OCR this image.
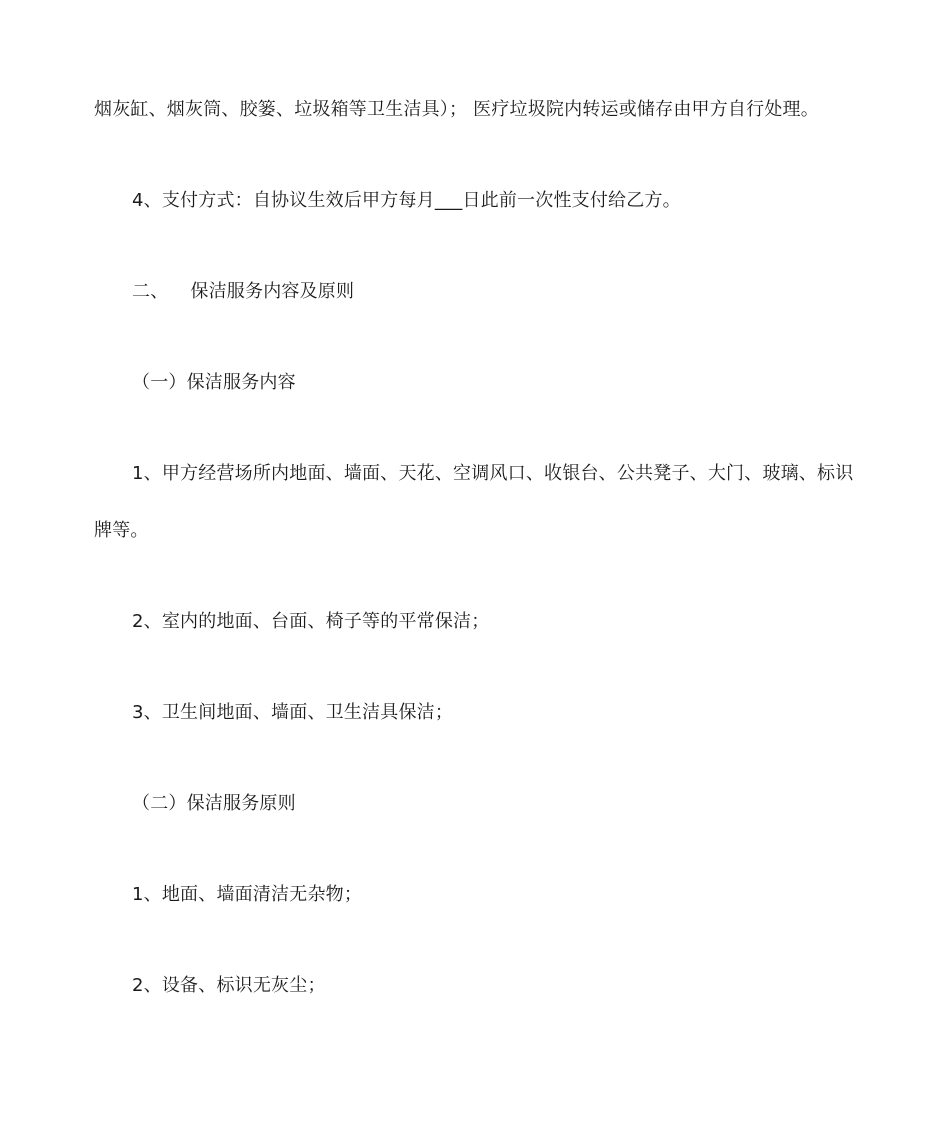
烟灰缸、烟灰筒、胶篓、垃圾箱等卫生洁具）； 医疗垃圾院内转运或储存由甲方自行处理。
4、支付方式：自协议生效后甲方每月___日此前一次性支付给乙方。
二、 保洁服务内容及原则
（一）保洁服务内容
1、甲方经营场所内地面、墙面、天花、空调风口、收银台、公共凳子、大门、玻璃、标识
牌等。
2、室内的地面、台面、椅子等的平常保洁；
3、卫生间地面、墙面、卫生洁具保洁；
（二）保洁服务原则
1、地面、墙面清洁无杂物；
2、设备、标识无灰尘；
